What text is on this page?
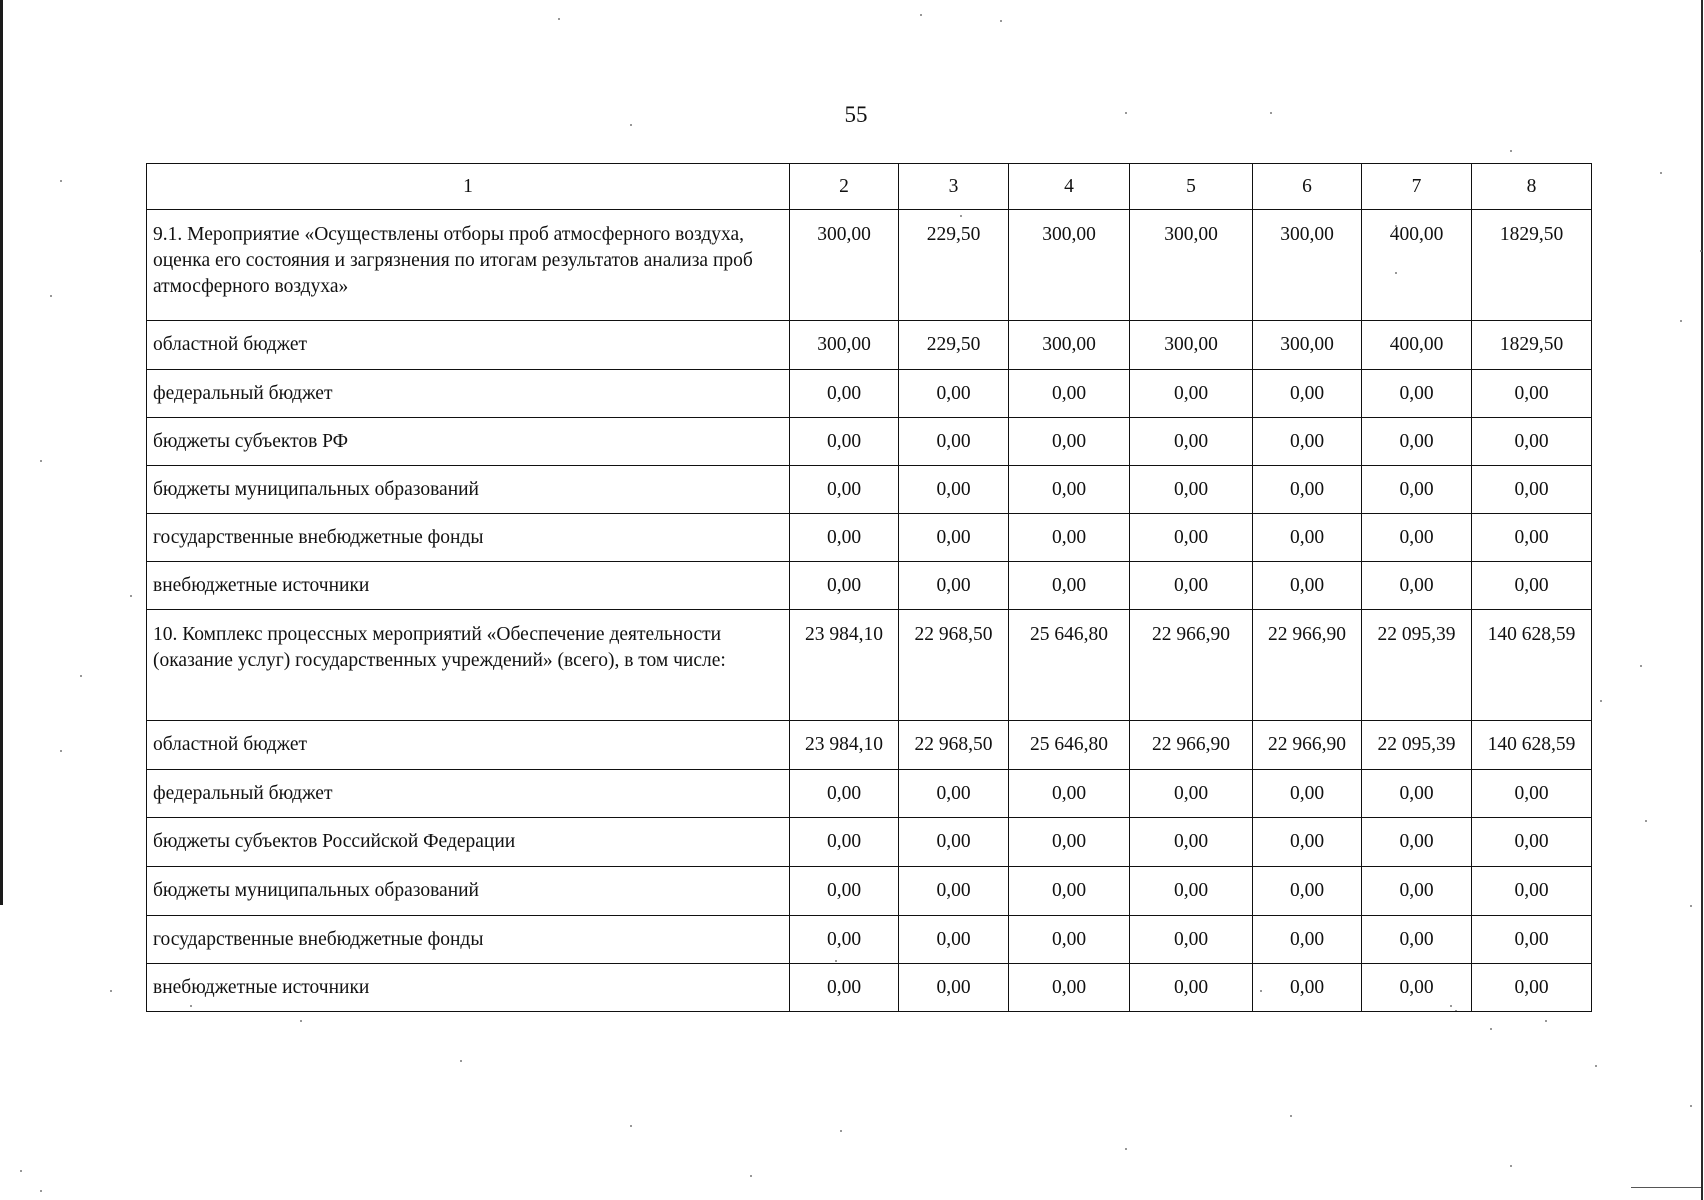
55
1	2	3	4	5	6	7	8
9.1. Мероприятие «Осуществлены отборы проб атмосферного воздуха, оценка его состояния и загрязнения по итогам результатов анализа проб атмосферного воздуха»	300,00	229,50	300,00	300,00	300,00	400,00	1829,50
областной бюджет	300,00	229,50	300,00	300,00	300,00	400,00	1829,50
федеральный бюджет	0,00	0,00	0,00	0,00	0,00	0,00	0,00
бюджеты субъектов РФ	0,00	0,00	0,00	0,00	0,00	0,00	0,00
бюджеты муниципальных образований	0,00	0,00	0,00	0,00	0,00	0,00	0,00
государственные внебюджетные фонды	0,00	0,00	0,00	0,00	0,00	0,00	0,00
внебюджетные источники	0,00	0,00	0,00	0,00	0,00	0,00	0,00
10. Комплекс процессных мероприятий «Обеспечение деятельности (оказание услуг) государственных учреждений» (всего), в том числе:	23 984,10	22 968,50	25 646,80	22 966,90	22 966,90	22 095,39	140 628,59
областной бюджет	23 984,10	22 968,50	25 646,80	22 966,90	22 966,90	22 095,39	140 628,59
федеральный бюджет	0,00	0,00	0,00	0,00	0,00	0,00	0,00
бюджеты субъектов Российской Федерации	0,00	0,00	0,00	0,00	0,00	0,00	0,00
бюджеты муниципальных образований	0,00	0,00	0,00	0,00	0,00	0,00	0,00
государственные внебюджетные фонды	0,00	0,00	0,00	0,00	0,00	0,00	0,00
внебюджетные источники	0,00	0,00	0,00	0,00	0,00	0,00	0,00
